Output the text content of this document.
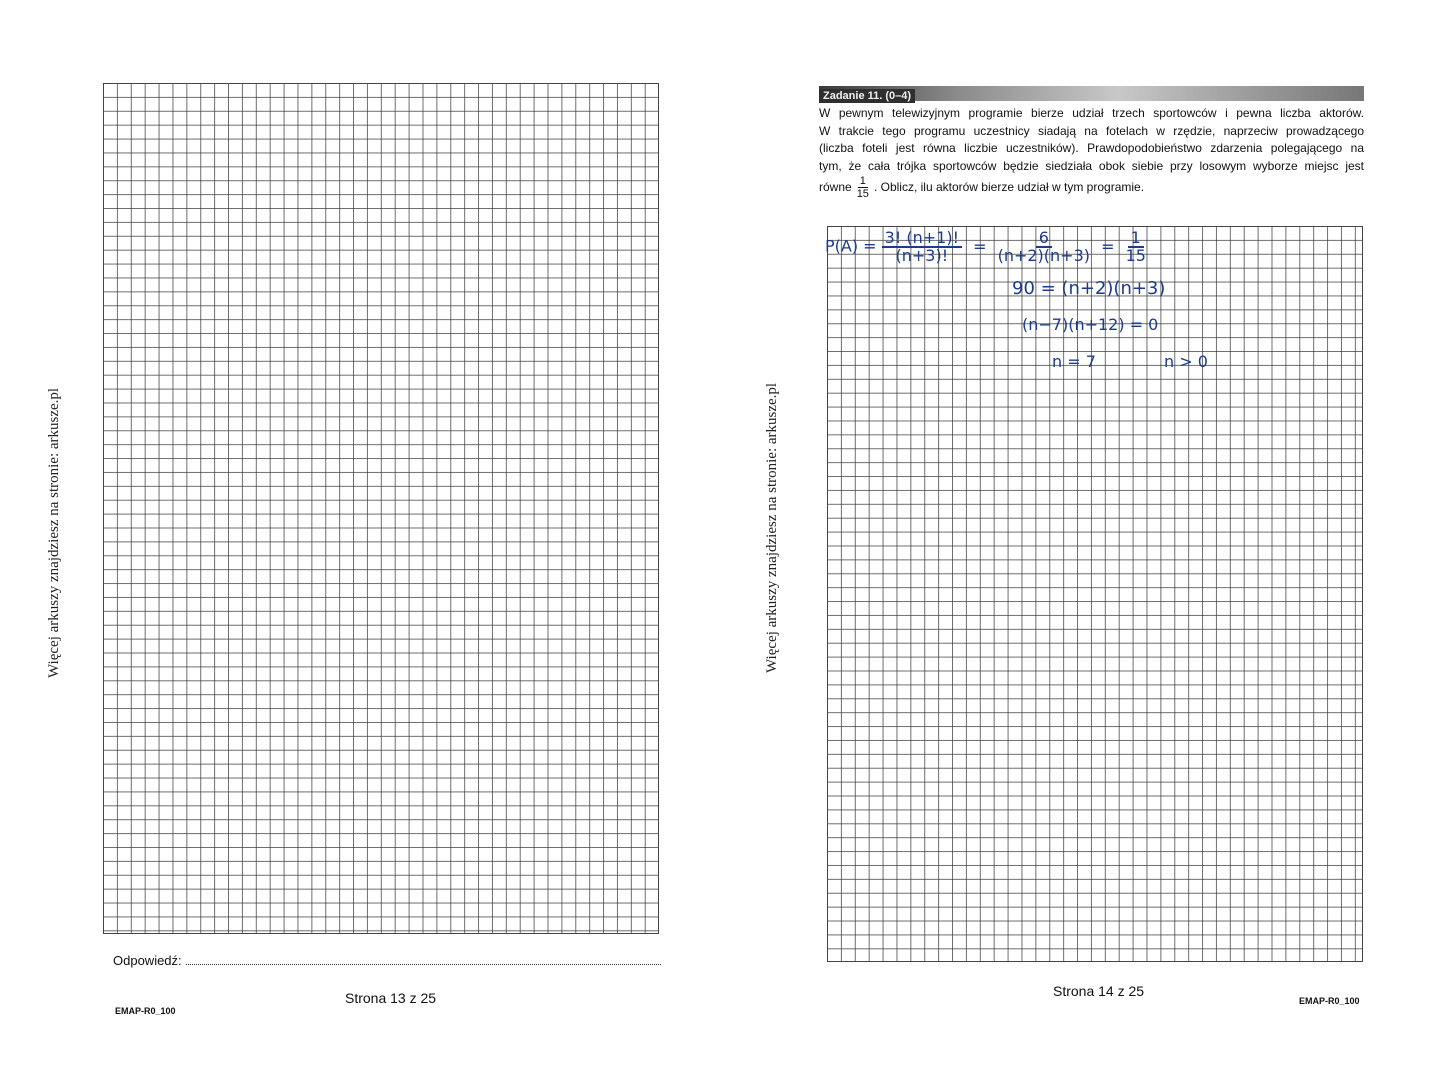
Więcej arkuszy znajdziesz na stronie: arkusze.pl
Odpowiedź:
Strona 13 z 25
EMAP-R0_100
Więcej arkuszy znajdziesz na stronie: arkusze.pl
Zadanie 11. (0–4)

W pewnym telewizyjnym programie bierze udział trzech sportowców i pewna liczba aktorów.

W trakcie tego programu uczestnicy siadają na fotelach w rzędzie, naprzeciw prowadzącego

(liczba foteli jest równa liczbie uczestników). Prawdopodobieństwo zdarzenia polegającego na

tym, że cała trójka sportowców będzie siedziała obok siebie przy losowym wyborze miejsc jest

równe $\frac{1}{15}$ . Oblicz, ilu aktorów bierze udział w tym programie.

$P(A) = \frac{3! (n+1)!}{(n+3)!} = \frac{6}{(n+2)(n+3)} = \frac{1}{15}$
90 = (n+2)(n+3)
(n−7)(n+12) = 0
n = 7	n > 0
Strona 14 z 25
EMAP-R0_100
